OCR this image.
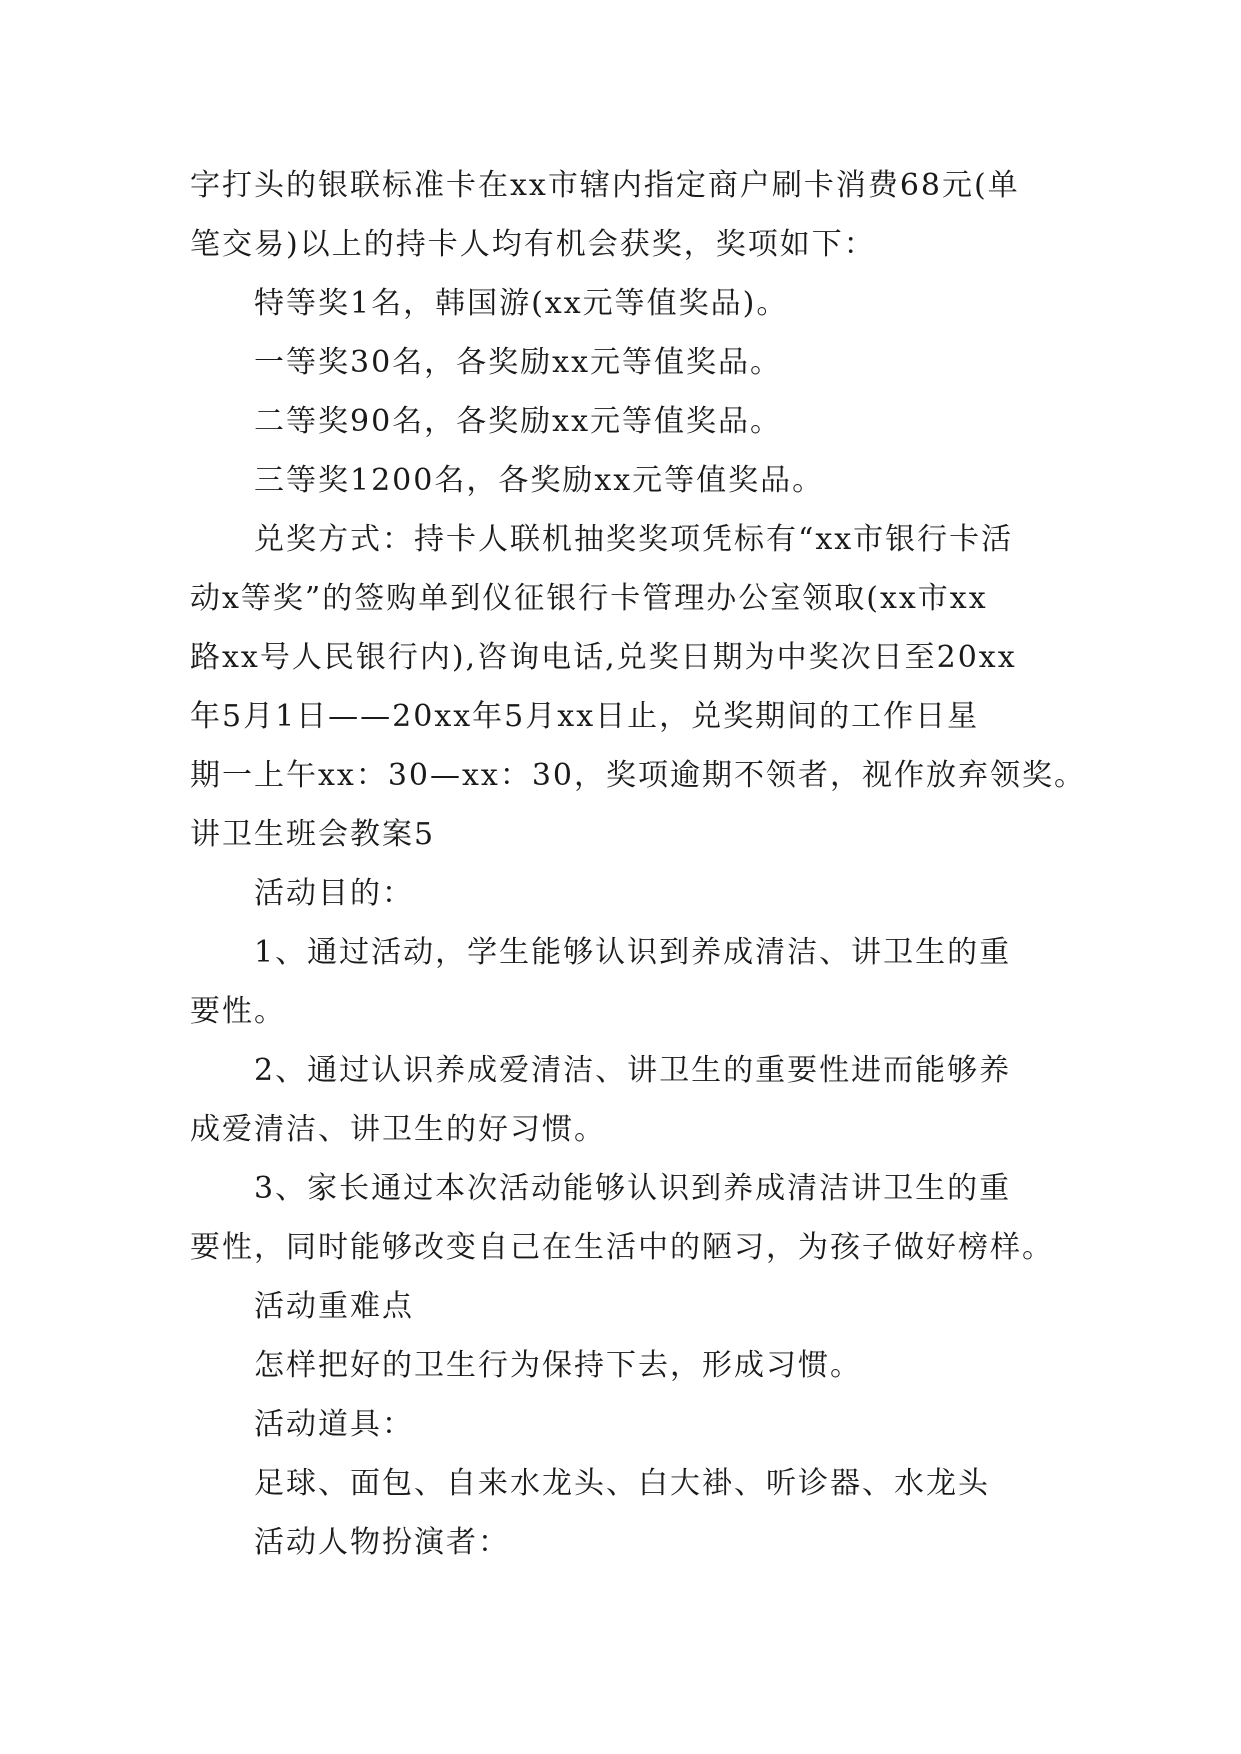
字打头的银联标准卡在xx市辖内指定商户刷卡消费68元(单
笔交易)以上的持卡人均有机会获奖，奖项如下：
特等奖1名，韩国游(xx元等值奖品)。
一等奖30名，各奖励xx元等值奖品。
二等奖90名，各奖励xx元等值奖品。
三等奖1200名，各奖励xx元等值奖品。
兑奖方式：持卡人联机抽奖奖项凭标有“xx市银行卡活
动x等奖”的签购单到仪征银行卡管理办公室领取(xx市xx
路xx号人民银行内),咨询电话,兑奖日期为中奖次日至20xx
年5月1日——20xx年5月xx日止，兑奖期间的工作日星
期一上午xx：30—xx：30，奖项逾期不领者，视作放弃领奖。
讲卫生班会教案5
活动目的：
1、通过活动，学生能够认识到养成清洁、讲卫生的重
要性。
2、通过认识养成爱清洁、讲卫生的重要性进而能够养
成爱清洁、讲卫生的好习惯。
3、家长通过本次活动能够认识到养成清洁讲卫生的重
要性，同时能够改变自己在生活中的陋习，为孩子做好榜样。
活动重难点
怎样把好的卫生行为保持下去，形成习惯。
活动道具：
足球、面包、自来水龙头、白大褂、听诊器、水龙头
活动人物扮演者：
